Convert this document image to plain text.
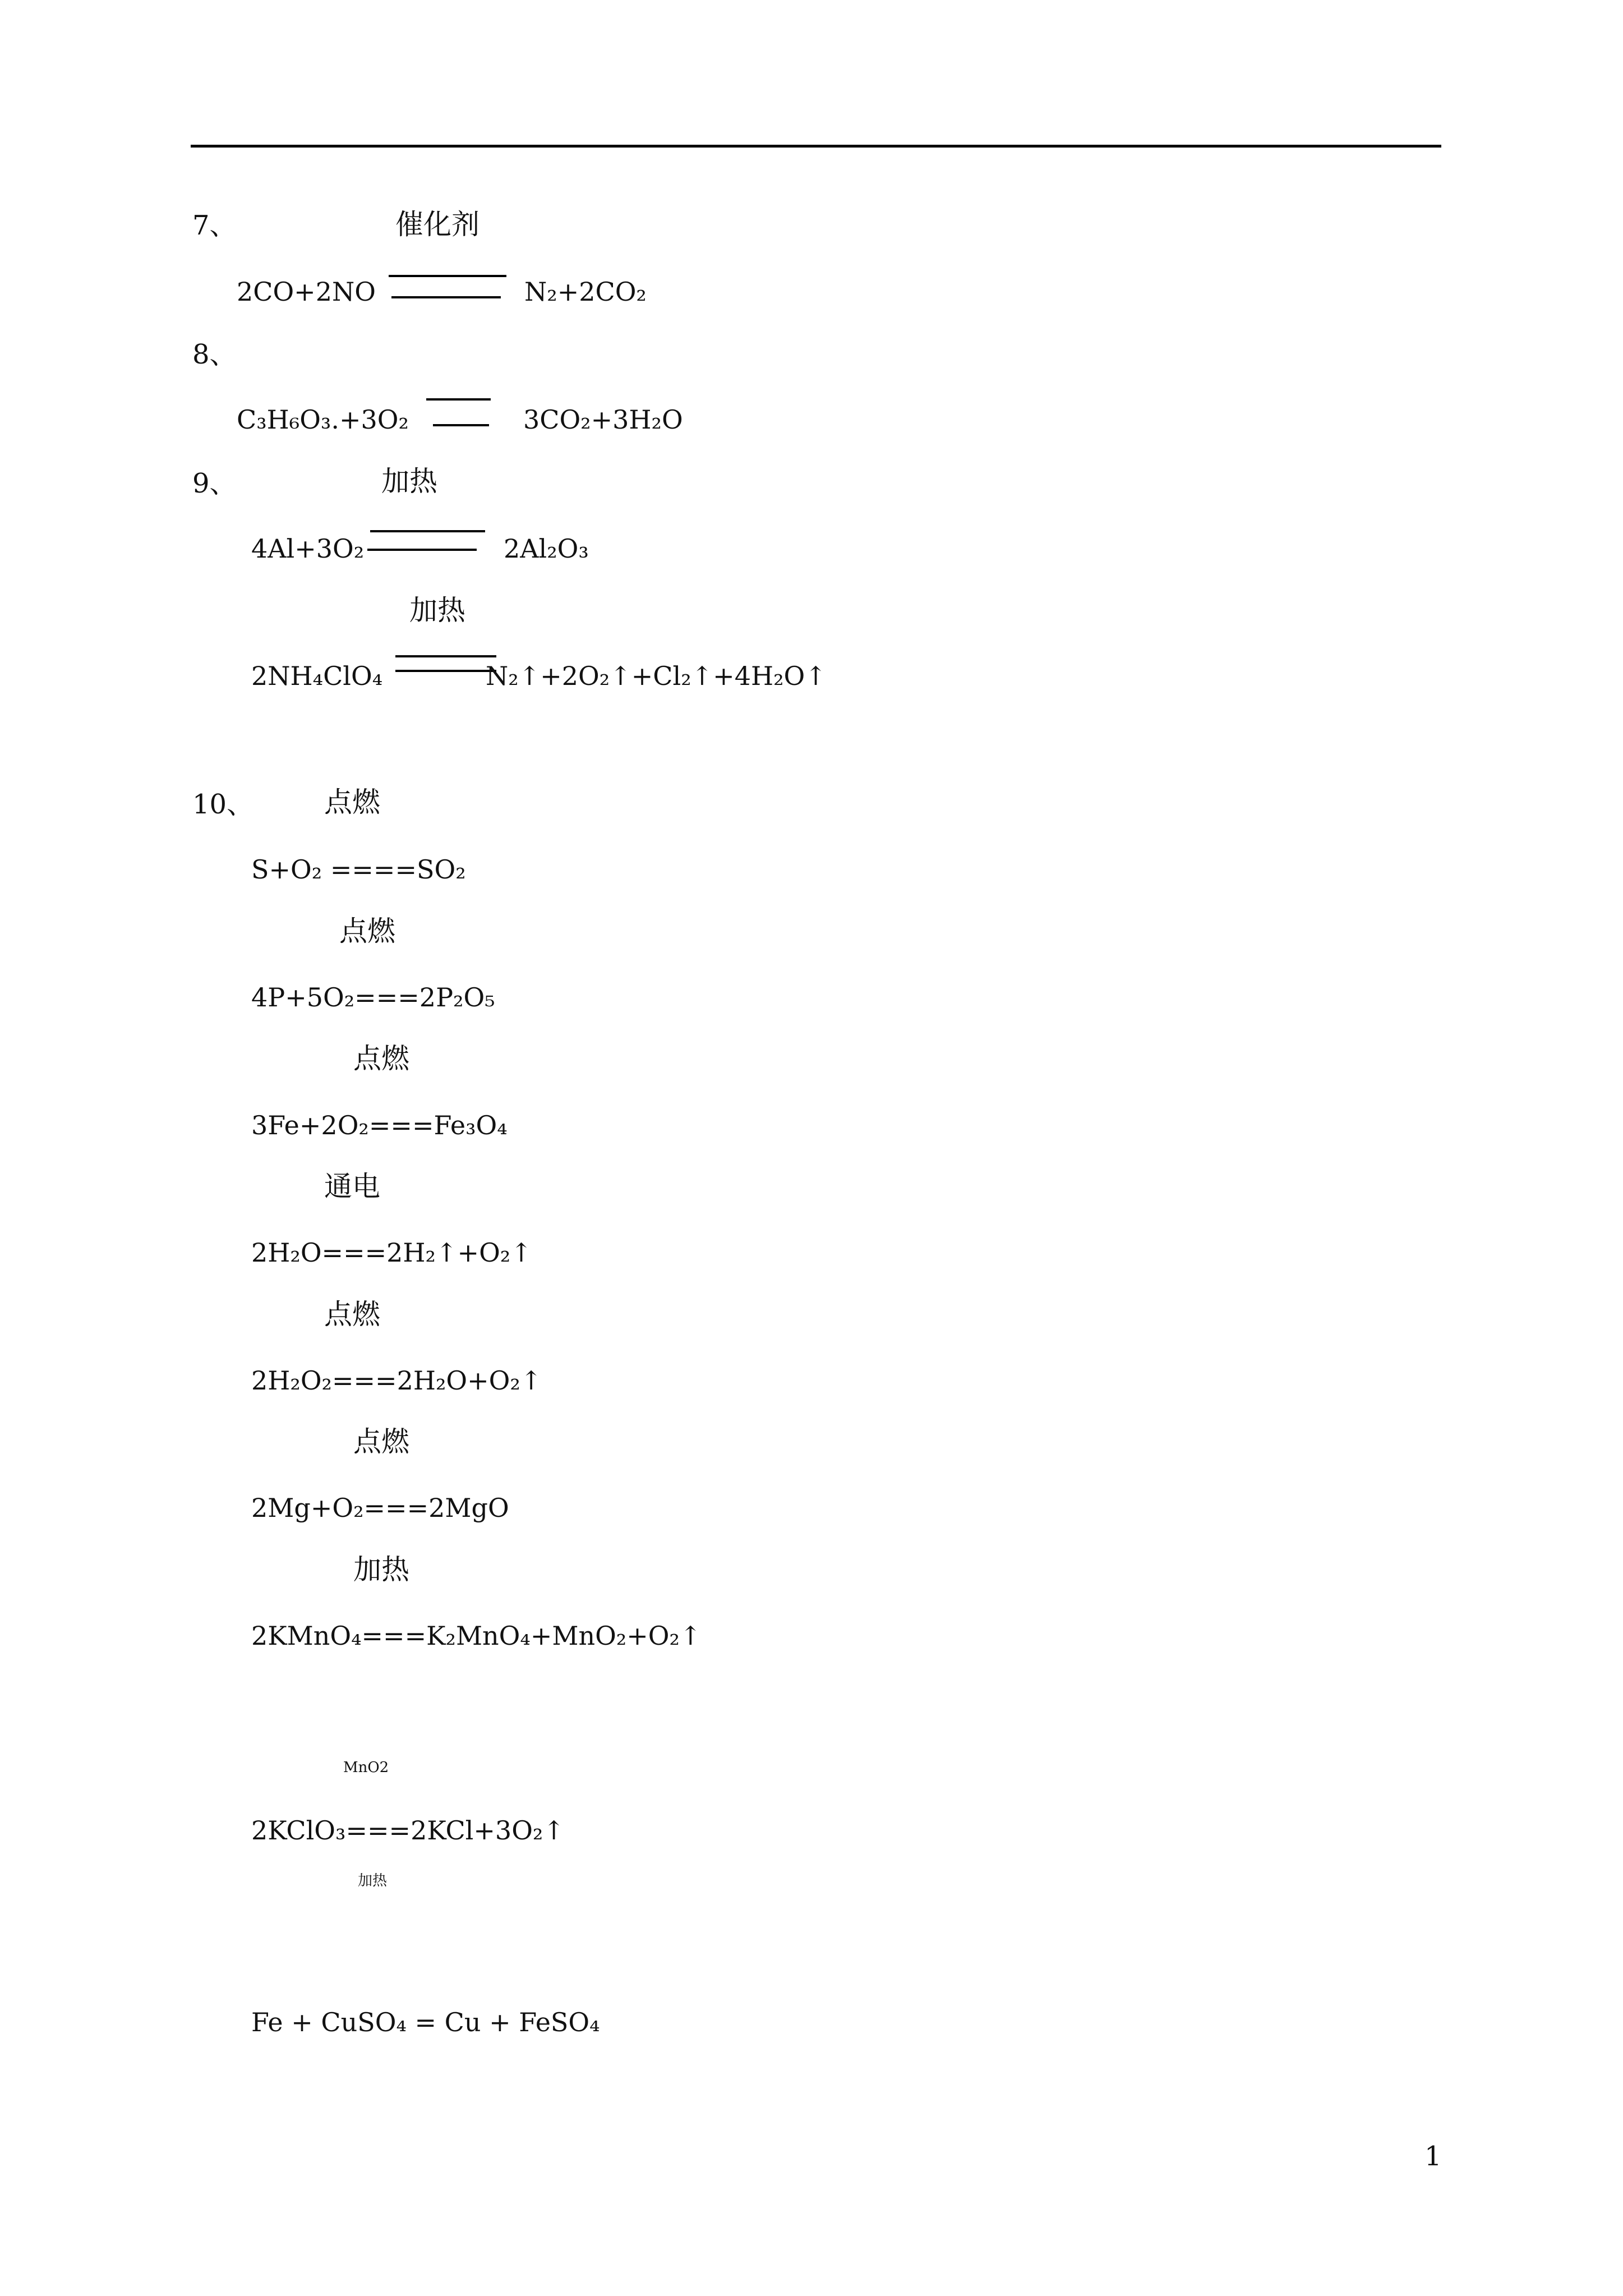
7、	催化剂
2CO+2NO	N₂+2CO₂
8、
C₃H₆O₃.+3O₂	3CO₂+3H₂O
9、	加热
4Al+3O₂	2Al₂O₃
加热
2NH₄ClO₄	N₂↑+2O₂↑+Cl₂↑+4H₂O↑
10、	点燃
S+O₂ ====SO₂
点燃
4P+5O₂===2P₂O₅
点燃
3Fe+2O₂===Fe₃O₄
通电
2H₂O===2H₂↑+O₂↑
点燃
2H₂O₂===2H₂O+O₂↑
点燃
2Mg+O₂===2MgO
加热
2KMnO₄===K₂MnO₄+MnO₂+O₂↑
MnO2
2KClO₃===2KCl+3O₂↑
加热
Fe + CuSO₄ = Cu + FeSO₄
1
